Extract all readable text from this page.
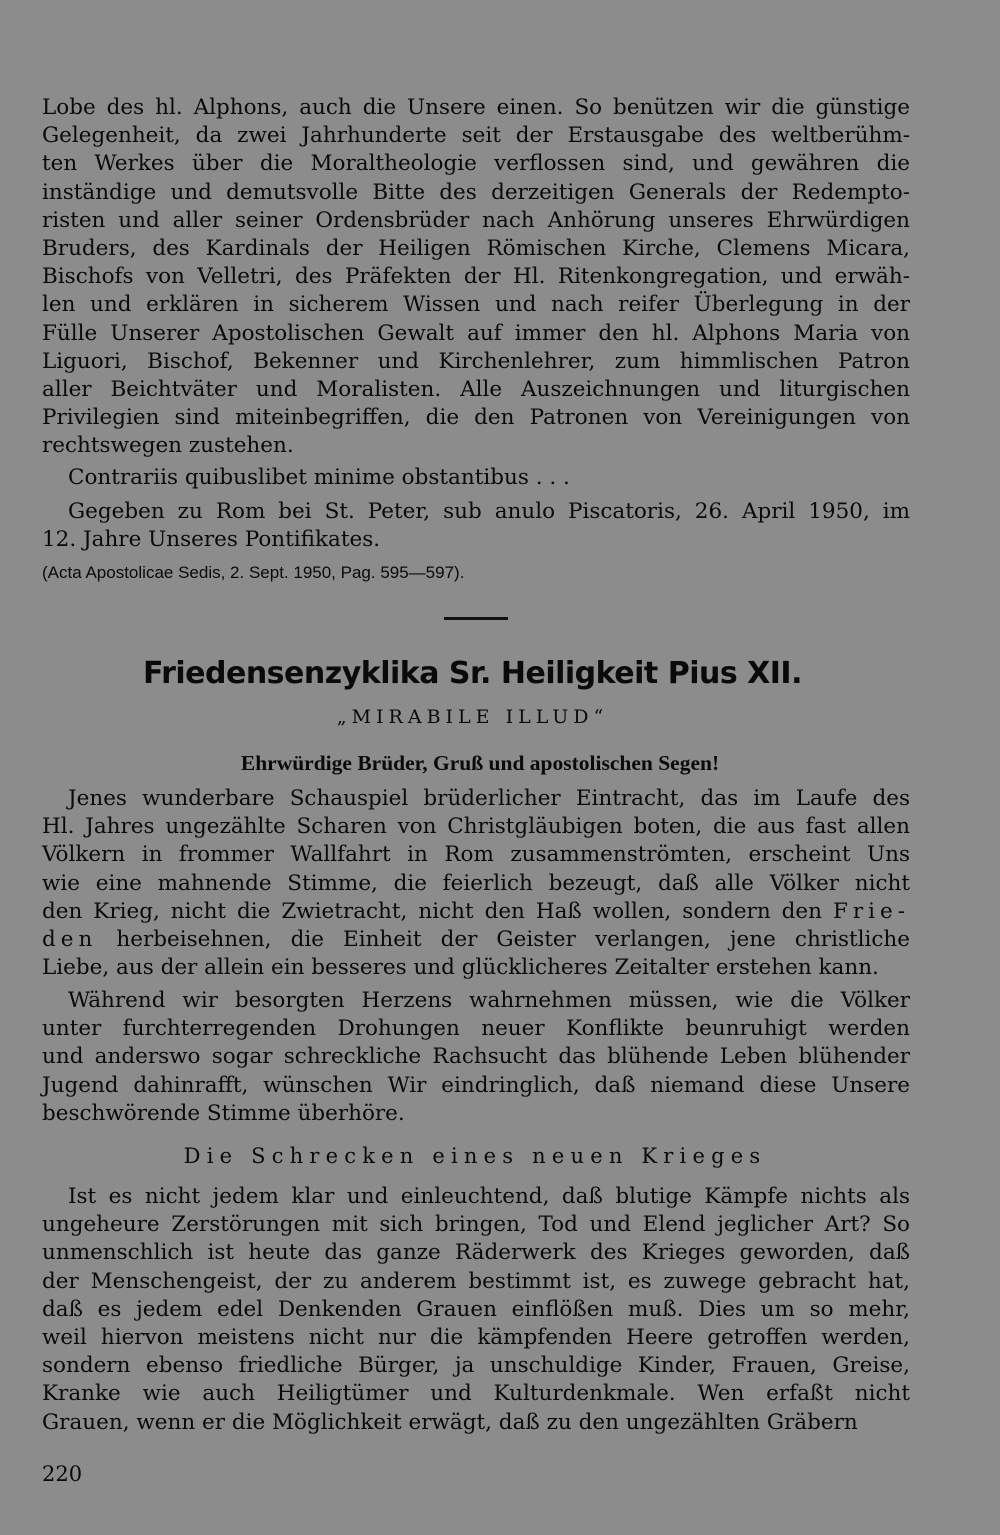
Lobe des hl. Alphons, auch die Unsere einen. So benützen wir die günstige

Gelegenheit, da zwei Jahrhunderte seit der Erstausgabe des weltberühm-

ten Werkes über die Moraltheologie verflossen sind, und gewähren die

inständige und demutsvolle Bitte des derzeitigen Generals der Redempto-

risten und aller seiner Ordensbrüder nach Anhörung unseres Ehrwürdigen

Bruders, des Kardinals der Heiligen Römischen Kirche, Clemens Micara,

Bischofs von Velletri, des Präfekten der Hl. Ritenkongregation, und erwäh-

len und erklären in sicherem Wissen und nach reifer Überlegung in der

Fülle Unserer Apostolischen Gewalt auf immer den hl. Alphons Maria von

Liguori, Bischof, Bekenner und Kirchenlehrer, zum himmlischen Patron

aller Beichtväter und Moralisten. Alle Auszeichnungen und liturgischen

Privilegien sind miteinbegriffen, die den Patronen von Vereinigungen von

rechtswegen zustehen.

Contrariis quibuslibet minime obstantibus . . .

Gegeben zu Rom bei St. Peter, sub anulo Piscatoris, 26. April 1950, im

12. Jahre Unseres Pontifikates.

(Acta Apostolicae Sedis, 2. Sept. 1950, Pag. 595—597).
Friedensenzyklika Sr. Heiligkeit Pius XII.
„MIRABILE ILLUD“
Ehrwürdige Brüder, Gruß und apostolischen Segen!

Jenes wunderbare Schauspiel brüderlicher Eintracht, das im Laufe des

Hl. Jahres ungezählte Scharen von Christgläubigen boten, die aus fast allen

Völkern in frommer Wallfahrt in Rom zusammenströmten, erscheint Uns

wie eine mahnende Stimme, die feierlich bezeugt, daß alle Völker nicht

den Krieg, nicht die Zwietracht, nicht den Haß wollen, sondern den Frie-

den herbeisehnen, die Einheit der Geister verlangen, jene christliche

Liebe, aus der allein ein besseres und glücklicheres Zeitalter erstehen kann.

Während wir besorgten Herzens wahrnehmen müssen, wie die Völker

unter furchterregenden Drohungen neuer Konflikte beunruhigt werden

und anderswo sogar schreckliche Rachsucht das blühende Leben blühender

Jugend dahinrafft, wünschen Wir eindringlich, daß niemand diese Unsere

beschwörende Stimme überhöre.

Die Schrecken eines neuen Krieges

Ist es nicht jedem klar und einleuchtend, daß blutige Kämpfe nichts als

ungeheure Zerstörungen mit sich bringen, Tod und Elend jeglicher Art? So

unmenschlich ist heute das ganze Räderwerk des Krieges geworden, daß

der Menschengeist, der zu anderem bestimmt ist, es zuwege gebracht hat,

daß es jedem edel Denkenden Grauen einflößen muß. Dies um so mehr,

weil hiervon meistens nicht nur die kämpfenden Heere getroffen werden,

sondern ebenso friedliche Bürger, ja unschuldige Kinder, Frauen, Greise,

Kranke wie auch Heiligtümer und Kulturdenkmale. Wen erfaßt nicht

Grauen, wenn er die Möglichkeit erwägt, daß zu den ungezählten Gräbern

220
